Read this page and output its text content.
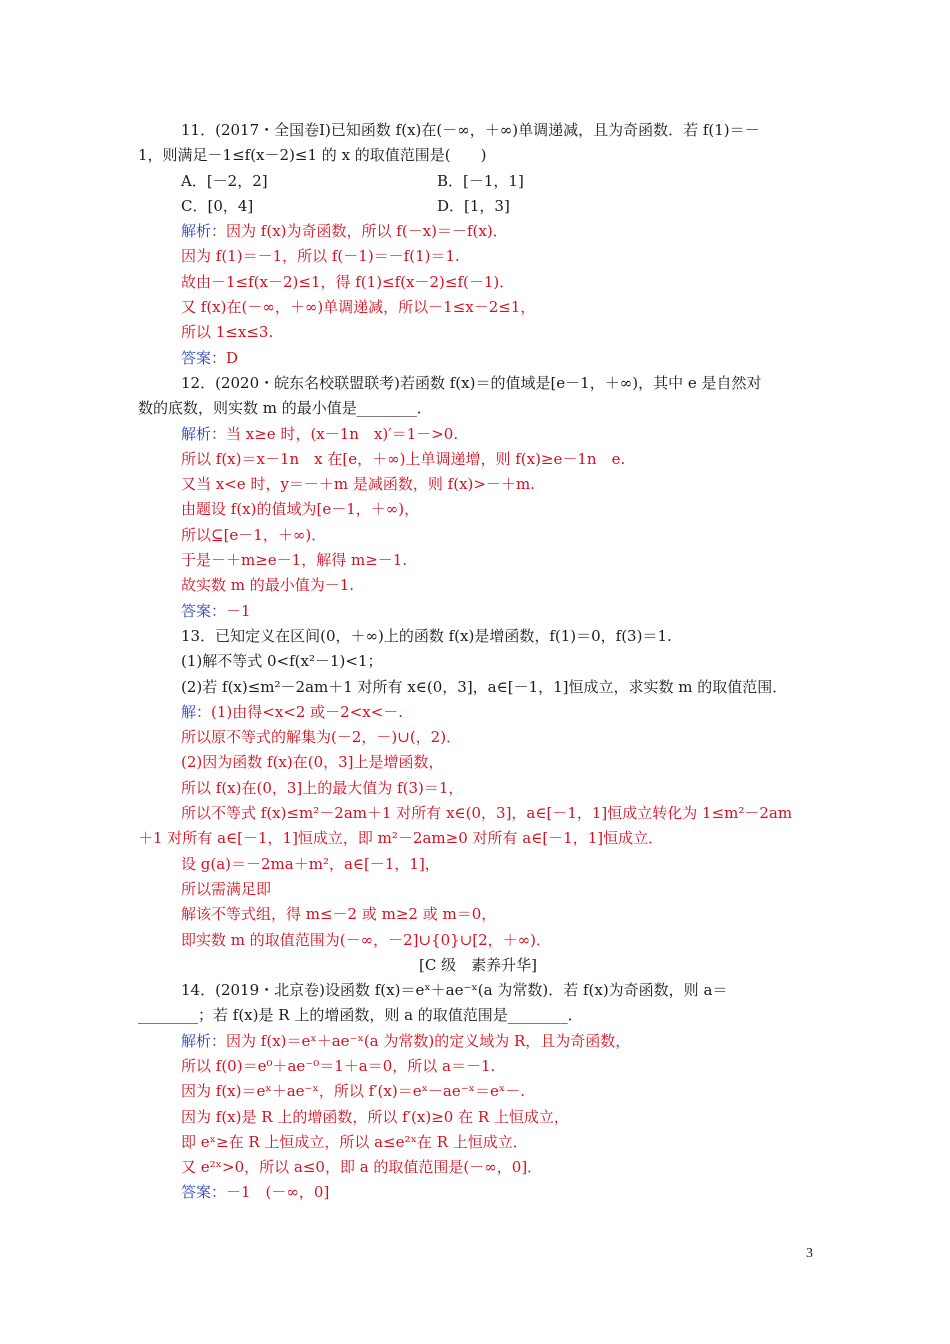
11．(2017・全国卷Ⅰ)已知函数 f(x)在(－∞，＋∞)单调递减，且为奇函数．若 f(1)＝－
1，则满足－1≤f(x－2)≤1 的 x 的取值范围是(　　)
A．[－2，2]	B．[－1，1]
C．[0，4]	D．[1，3]
解析：因为 f(x)为奇函数，所以 f(－x)＝－f(x)．
因为 f(1)＝－1，所以 f(－1)＝－f(1)＝1.
故由－1≤f(x－2)≤1，得 f(1)≤f(x－2)≤f(－1)．
又 f(x)在(－∞，＋∞)单调递减，所以－1≤x－2≤1，
所以 1≤x≤3.
答案：D
12．(2020・皖东名校联盟联考)若函数 f(x)＝的值域是[e－1，＋∞)，其中 e 是自然对
数的底数，则实数 m 的最小值是________．
解析：当 x≥e 时，(x－1n　x)′＝1－>0.
所以 f(x)＝x－1n　x 在[e，＋∞)上单调递增，则 f(x)≥e－1n　e.
又当 x<e 时，y＝－＋m 是减函数，则 f(x)>－＋m.
由题设 f(x)的值域为[e－1，＋∞)，
所以⊆[e－1，＋∞)．
于是－＋m≥e－1，解得 m≥－1.
故实数 m 的最小值为－1.
答案：－1
13．已知定义在区间(0，＋∞)上的函数 f(x)是增函数，f(1)＝0，f(3)＝1.
(1)解不等式 0<f(x²－1)<1；
(2)若 f(x)≤m²－2am＋1 对所有 x∈(0，3]，a∈[－1，1]恒成立，求实数 m 的取值范围．
解：(1)由得<x<2 或－2<x<－.
所以原不等式的解集为(－2，－)∪(，2)．
(2)因为函数 f(x)在(0，3]上是增函数，
所以 f(x)在(0，3]上的最大值为 f(3)＝1，
所以不等式 f(x)≤m²－2am＋1 对所有 x∈(0，3]，a∈[－1，1]恒成立转化为 1≤m²－2am
＋1 对所有 a∈[－1，1]恒成立，即 m²－2am≥0 对所有 a∈[－1，1]恒成立．
设 g(a)＝－2ma＋m²，a∈[－1，1]，
所以需满足即
解该不等式组，得 m≤－2 或 m≥2 或 m＝0，
即实数 m 的取值范围为(－∞，－2]∪{0}∪[2，＋∞)．
[C 级　素养升华]
14．(2019・北京卷)设函数 f(x)＝eˣ＋ae⁻ˣ(a 为常数)．若 f(x)为奇函数，则 a＝
________；若 f(x)是 R 上的增函数，则 a 的取值范围是________．
解析：因为 f(x)＝eˣ＋ae⁻ˣ(a 为常数)的定义域为 R，且为奇函数，
所以 f(0)＝e⁰＋ae⁻⁰＝1＋a＝0，所以 a＝－1.
因为 f(x)＝eˣ＋ae⁻ˣ，所以 f′(x)＝eˣ－ae⁻ˣ＝eˣ－.
因为 f(x)是 R 上的增函数，所以 f′(x)≥0 在 R 上恒成立，
即 eˣ≥在 R 上恒成立，所以 a≤e²ˣ在 R 上恒成立．
又 e²ˣ>0，所以 a≤0，即 a 的取值范围是(－∞，0]．
答案：－1　(－∞，0]
3
